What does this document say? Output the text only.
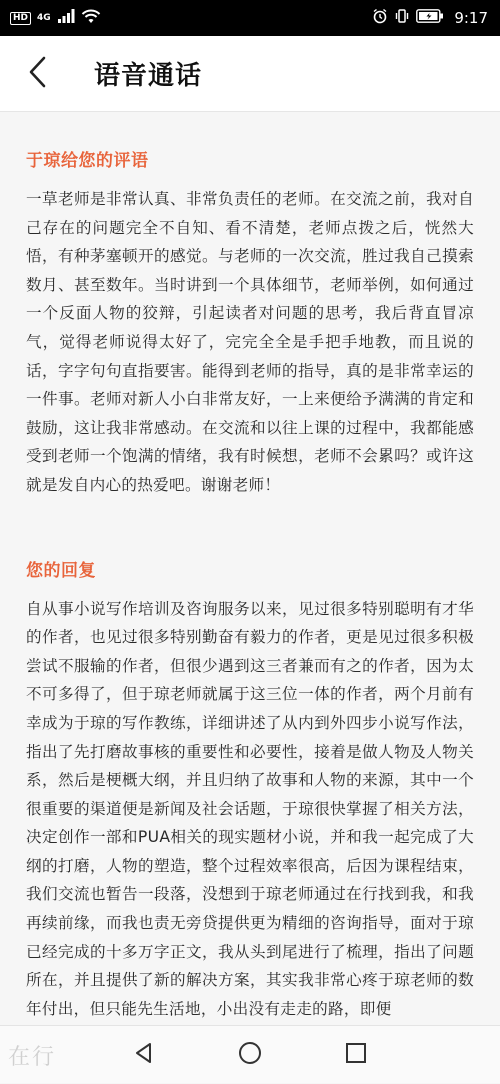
HD	4G	9:17
语音通话
于琼给您的评语

一草老师是非常认真、非常负责任的老师。在交流之前，我对自己存在的问题完全不自知、看不清楚，老师点拨之后，恍然大悟，有种茅塞顿开的感觉。与老师的一次交流，胜过我自己摸索数月、甚至数年。当时讲到一个具体细节，老师举例，如何通过一个反面人物的狡辩，引起读者对问题的思考，我后背直冒凉气，觉得老师说得太好了，完完全全是手把手地教，而且说的话，字字句句直指要害。能得到老师的指导，真的是非常幸运的一件事。老师对新人小白非常友好，一上来便给予满满的肯定和鼓励，这让我非常感动。在交流和以往上课的过程中，我都能感受到老师一个饱满的情绪，我有时候想，老师不会累吗？或许这就是发自内心的热爱吧。谢谢老师！

您的回复

自从事小说写作培训及咨询服务以来，见过很多特别聪明有才华的作者，也见过很多特别勤奋有毅力的作者，更是见过很多积极尝试不服输的作者，但很少遇到这三者兼而有之的作者，因为太不可多得了，但于琼老师就属于这三位一体的作者，两个月前有幸成为于琼的写作教练，详细讲述了从内到外四步小说写作法，指出了先打磨故事核的重要性和必要性，接着是做人物及人物关系，然后是梗概大纲，并且归纳了故事和人物的来源，其中一个很重要的渠道便是新闻及社会话题，于琼很快掌握了相关方法，决定创作一部和PUA相关的现实题材小说，并和我一起完成了大纲的打磨，人物的塑造，整个过程效率很高，后因为课程结束，我们交流也暂告一段落，没想到于琼老师通过在行找到我，和我再续前缘，而我也责无旁贷提供更为精细的咨询指导，面对于琼已经完成的十多万字正文，我从头到尾进行了梳理，指出了问题所在，并且提供了新的解决方案，其实我非常心疼于琼老师的数年付出，但只能先生活地，小出没有走走的路，即便

在行
